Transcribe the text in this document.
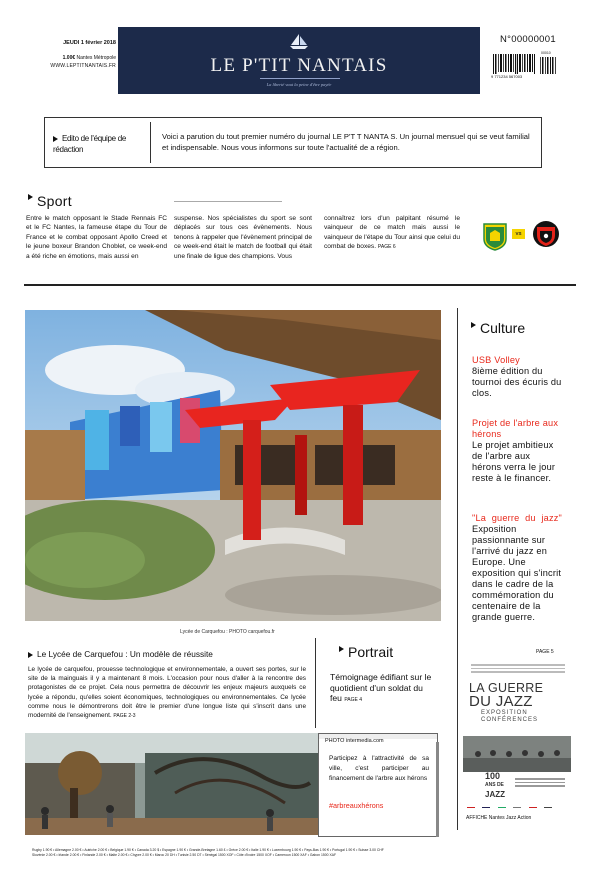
JEUDI 1 février 2018
1.00€ Nantes Métropole
WWW.LEPTITNANTAIS.FR	LE P'TIT NANTAIS
La liberté vaut la peine d'être payée
N°00000001
9 771234 567003
00010
Edito de l'équipe de rédaction
Voici a parution du tout premier numéro du journal LE P'T T NANTA S. Un journal mensuel qui se veut familial et indispensable. Nous vous informons sur toute l'actualité de a région.
Sport
Entre le match opposant le Stade Rennais FC et le FC Nantes, la fameuse étape du Tour de France et le combat opposant Apollo Creed et le jeune boxeur Brandon Choblet, ce week-end a été riche en émotions, mais aussi en
suspense. Nos spécialistes du sport se sont déplacés sur tous ces évènements. Nous tenons à rappeler que l'évènement principal de ce week-end était le match de football qui était une finale de ligue des champions. Vous
connaîtrez lors d'un palpitant résumé le vainqueur de ce match mais aussi le vainqueur de l'étape du Tour ainsi que celui du combat de boxes. PAGE 6
VS
Lycée de Carquefou : PHOTO carquefou.fr
Le Lycée de Carquefou : Un modèle de réussite
Le lycée de carquefou, prouesse technologique et environnementale, a ouvert ses portes, sur le site de la mainguais il y a maintenant 8 mois. L'occasion pour nous d'aller à la rencontre des protagonistes de ce projet. Cela nous permettra de découvrir les enjeux majeurs auxquels ce lycée a répondu, qu'elles soient économiques, technologiques ou environnementales. Ce lycée comme nous le démontrerons doit être le premier d'une longue liste qui s'inscrit dans une modernité de l'enseignement. PAGE 2-3
Portrait
Témoignage édifiant sur le quotidient d'un soldat du feu PAGE 4
PHOTO intermedia.com
Participez à l'attractivité de sa ville, c'est participer au financement de l'arbre aux hérons
#arbreauxhérons
Culture
USB Volley
8ième édition du tournoi des écuris du clos.
Projet de l'arbre aux hérons
Le projet ambitieux de l'arbre aux hérons verra le jour reste à le financer.
"La guerre du jazz"
Exposition passionnante sur l'arrivé du jazz en Europe. Une exposition qui s'incrit dans le cadre de la commémoration du centenaire de la grande guerre.
PAGE 5
LA GUERRE
DU JAZZ
EXPOSITION
CONFÉRENCES
100
ANS DE
JAZZ

AFFICHE Nantes Jazz Action
Rugby 1.90 € • Allemagne 2.00 € • Autriche 2.00 € • Belgique 1.90 € • Canada 3.20 $ • Espagne 1.90 € • Grande-Bretagne 1.60 £ • Grèce 2.00 € • Italie 1.90 € • Luxembourg 1.90 € • Pays-Bas 1.90 € • Portugal 1.90 € • Suisse 3.00 CHF
Slovénie 2.00 € • Irlande 2.00 € • Finlande 2.00 € • Malte 2.00 € • Chypre 2.00 € • Maroc 20 DH • Tunisie 2.50 DT • Sénégal 1500 XOF • Côte d'Ivoire 1500 XOF • Cameroun 1500 XAF • Gabon 1500 XAF
